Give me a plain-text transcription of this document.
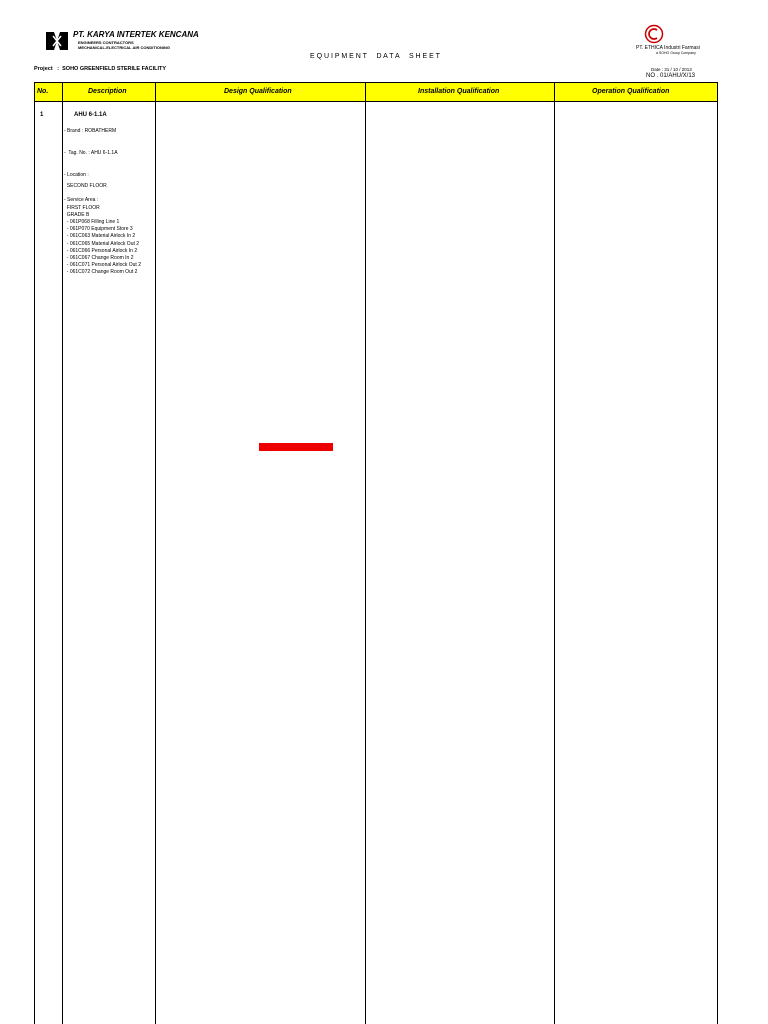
PT. KARYA INTERTEK KENCANA
ENGINEERS CONTRACTORS
MECHANICAL-ELECTRICAL AIR CONDITIONING
E Q U I P M E N T     D A T A     S H E E T
PT. ETHICA Industri Farmasi
a SOHO Group Company
Project   :  SOHO GREENFIELD STERILE FACILITY	Date : 31 / 10 / 2013
NO . 01/AHU/X/13
No.	Description	Design Qualification	Installation Qualification	Operation Qualification
1	AHU 6-1.1A
- Brand : ROBATHERM
-  Tag. No. : AHU 6-1.1A
- Location :
SECOND FLOOR
- Service Area :
FIRST FLOOR
GRADE B
- 061P068 Filling Line 1
- 061P070 Equipment Store 3
- 061C063 Material Airlock In 2
- 061C065 Material Airlock Out 2
- 061C066 Personal Airlock In 2
- 061C067 Change Room In 2
- 061C071 Personal Airlock Out 2
- 061C072 Change Room Out 2
